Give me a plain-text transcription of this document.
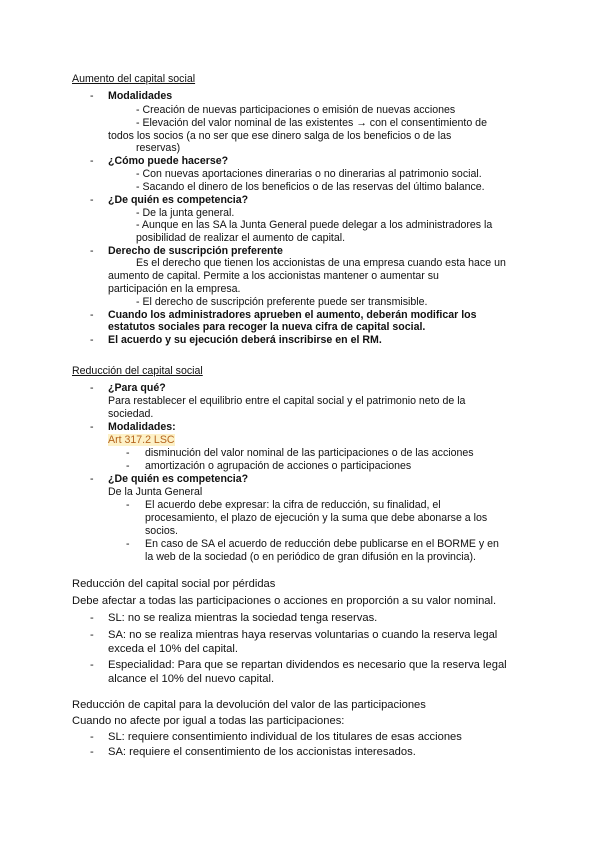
Aumento del capital social
- Modalidades
- Creación de nuevas participaciones o emisión de nuevas acciones
- Elevación del valor nominal de las existentes → con el consentimiento de
todos los socios (a no ser que ese dinero salga de los beneficios o de las
reservas)
- ¿Cómo puede hacerse?
- Con nuevas aportaciones dinerarias o no dinerarias al patrimonio social.
- Sacando el dinero de los beneficios o de las reservas del último balance.
- ¿De quién es competencia?
- De la junta general.
- Aunque en las SA la Junta General puede delegar a los administradores la
posibilidad de realizar el aumento de capital.
- Derecho de suscripción preferente
Es el derecho que tienen los accionistas de una empresa cuando esta hace un
aumento de capital. Permite a los accionistas mantener o aumentar su
participación en la empresa.
- El derecho de suscripción preferente puede ser transmisible.
- Cuando los administradores aprueben el aumento, deberán modificar los
estatutos sociales para recoger la nueva cifra de capital social.
- El acuerdo y su ejecución deberá inscribirse en el RM.
Reducción del capital social
- ¿Para qué?
Para restablecer el equilibrio entre el capital social y el patrimonio neto de la
sociedad.
- Modalidades:
Art 317.2 LSC
- disminución del valor nominal de las participaciones o de las acciones
- amortización o agrupación de acciones o participaciones
- ¿De quién es competencia?
De la Junta General
- El acuerdo debe expresar: la cifra de reducción, su finalidad, el
procesamiento, el plazo de ejecución y la suma que debe abonarse a los
socios.
- En caso de SA el acuerdo de reducción debe publicarse en el BORME y en
la web de la sociedad (o en periódico de gran difusión en la provincia).
Reducción del capital social por pérdidas
Debe afectar a todas las participaciones o acciones en proporción a su valor nominal.
- SL: no se realiza mientras la sociedad tenga reservas.
- SA: no se realiza mientras haya reservas voluntarias o cuando la reserva legal
exceda el 10% del capital.
- Especialidad: Para que se repartan dividendos es necesario que la reserva legal
alcance el 10% del nuevo capital.
Reducción de capital para la devolución del valor de las participaciones
Cuando no afecte por igual a todas las participaciones:
- SL: requiere consentimiento individual de los titulares de esas acciones
- SA: requiere el consentimiento de los accionistas interesados.
